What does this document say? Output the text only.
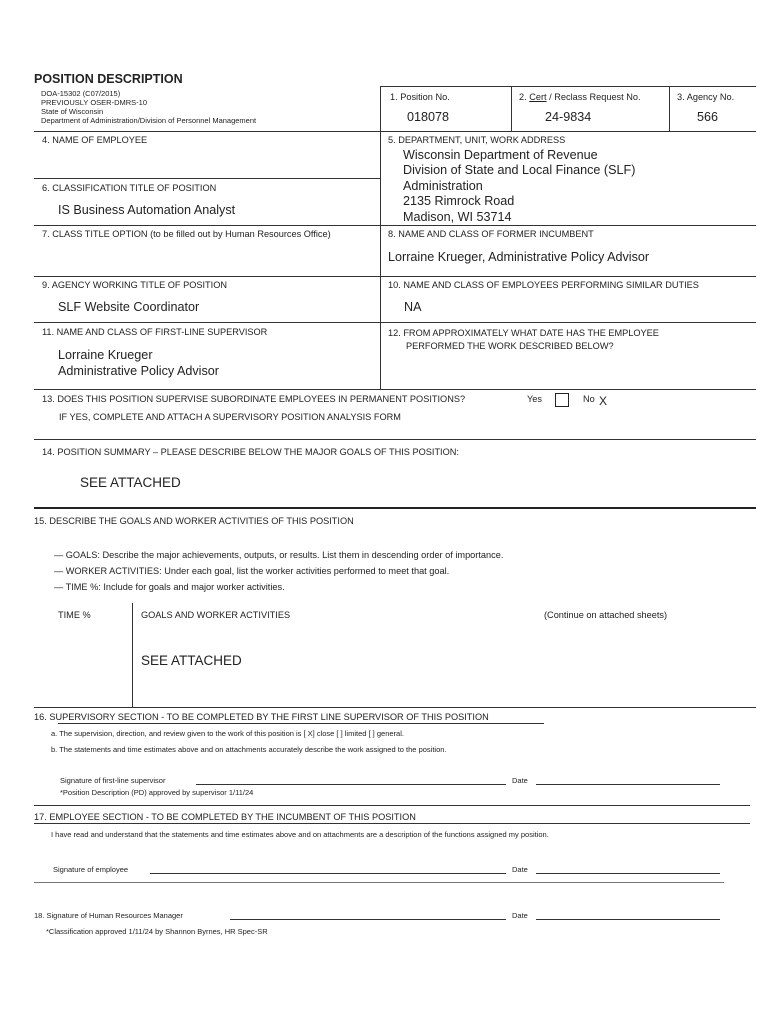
POSITION DESCRIPTION
DOA-15302 (C07/2015)
PREVIOUSLY OSER-DMRS-10
State of Wisconsin
Department of Administration/Division of Personnel Management
1. Position No.
018078
2. Cert / Reclass Request No.
24-9834
3. Agency No.
566
4. NAME OF EMPLOYEE	5. DEPARTMENT, UNIT, WORK ADDRESS
Wisconsin Department of Revenue
Division of State and Local Finance (SLF)
Administration
2135 Rimrock Road
Madison, WI 53714
6. CLASSIFICATION TITLE OF POSITION
IS Business Automation Analyst
7. CLASS TITLE OPTION (to be filled out by Human Resources Office)	8. NAME AND CLASS OF FORMER INCUMBENT
Lorraine Krueger, Administrative Policy Advisor
9. AGENCY WORKING TITLE OF POSITION
SLF Website Coordinator
10. NAME AND CLASS OF EMPLOYEES PERFORMING SIMILAR DUTIES
NA
11. NAME AND CLASS OF FIRST-LINE SUPERVISOR
Lorraine Krueger
Administrative Policy Advisor
12. FROM APPROXIMATELY WHAT DATE HAS THE EMPLOYEE
PERFORMED THE WORK DESCRIBED BELOW?
13. DOES THIS POSITION SUPERVISE SUBORDINATE EMPLOYEES IN PERMANENT POSITIONS?
IF YES, COMPLETE AND ATTACH A SUPERVISORY POSITION ANALYSIS FORM
Yes	No X
14. POSITION SUMMARY – PLEASE DESCRIBE BELOW THE MAJOR GOALS OF THIS POSITION:
SEE ATTACHED
15. DESCRIBE THE GOALS AND WORKER ACTIVITIES OF THIS POSITION
— GOALS: Describe the major achievements, outputs, or results. List them in descending order of importance.
— WORKER ACTIVITIES: Under each goal, list the worker activities performed to meet that goal.
— TIME %: Include for goals and major worker activities.
TIME %	GOALS AND WORKER ACTIVITIES	(Continue on attached sheets)
SEE ATTACHED
16. SUPERVISORY SECTION - TO BE COMPLETED BY THE FIRST LINE SUPERVISOR OF THIS POSITION
a. The supervision, direction, and review given to the work of this position is [ X] close [ ] limited [ ] general.
b. The statements and time estimates above and on attachments accurately describe the work assigned to the position.
Signature of first-line supervisor	Date
*Position Description (PD) approved by supervisor 1/11/24
17. EMPLOYEE SECTION - TO BE COMPLETED BY THE INCUMBENT OF THIS POSITION
I have read and understand that the statements and time estimates above and on attachments are a description of the functions assigned my position.
Signature of employee	Date
18. Signature of Human Resources Manager	Date
*Classification approved 1/11/24 by Shannon Byrnes, HR Spec-SR
